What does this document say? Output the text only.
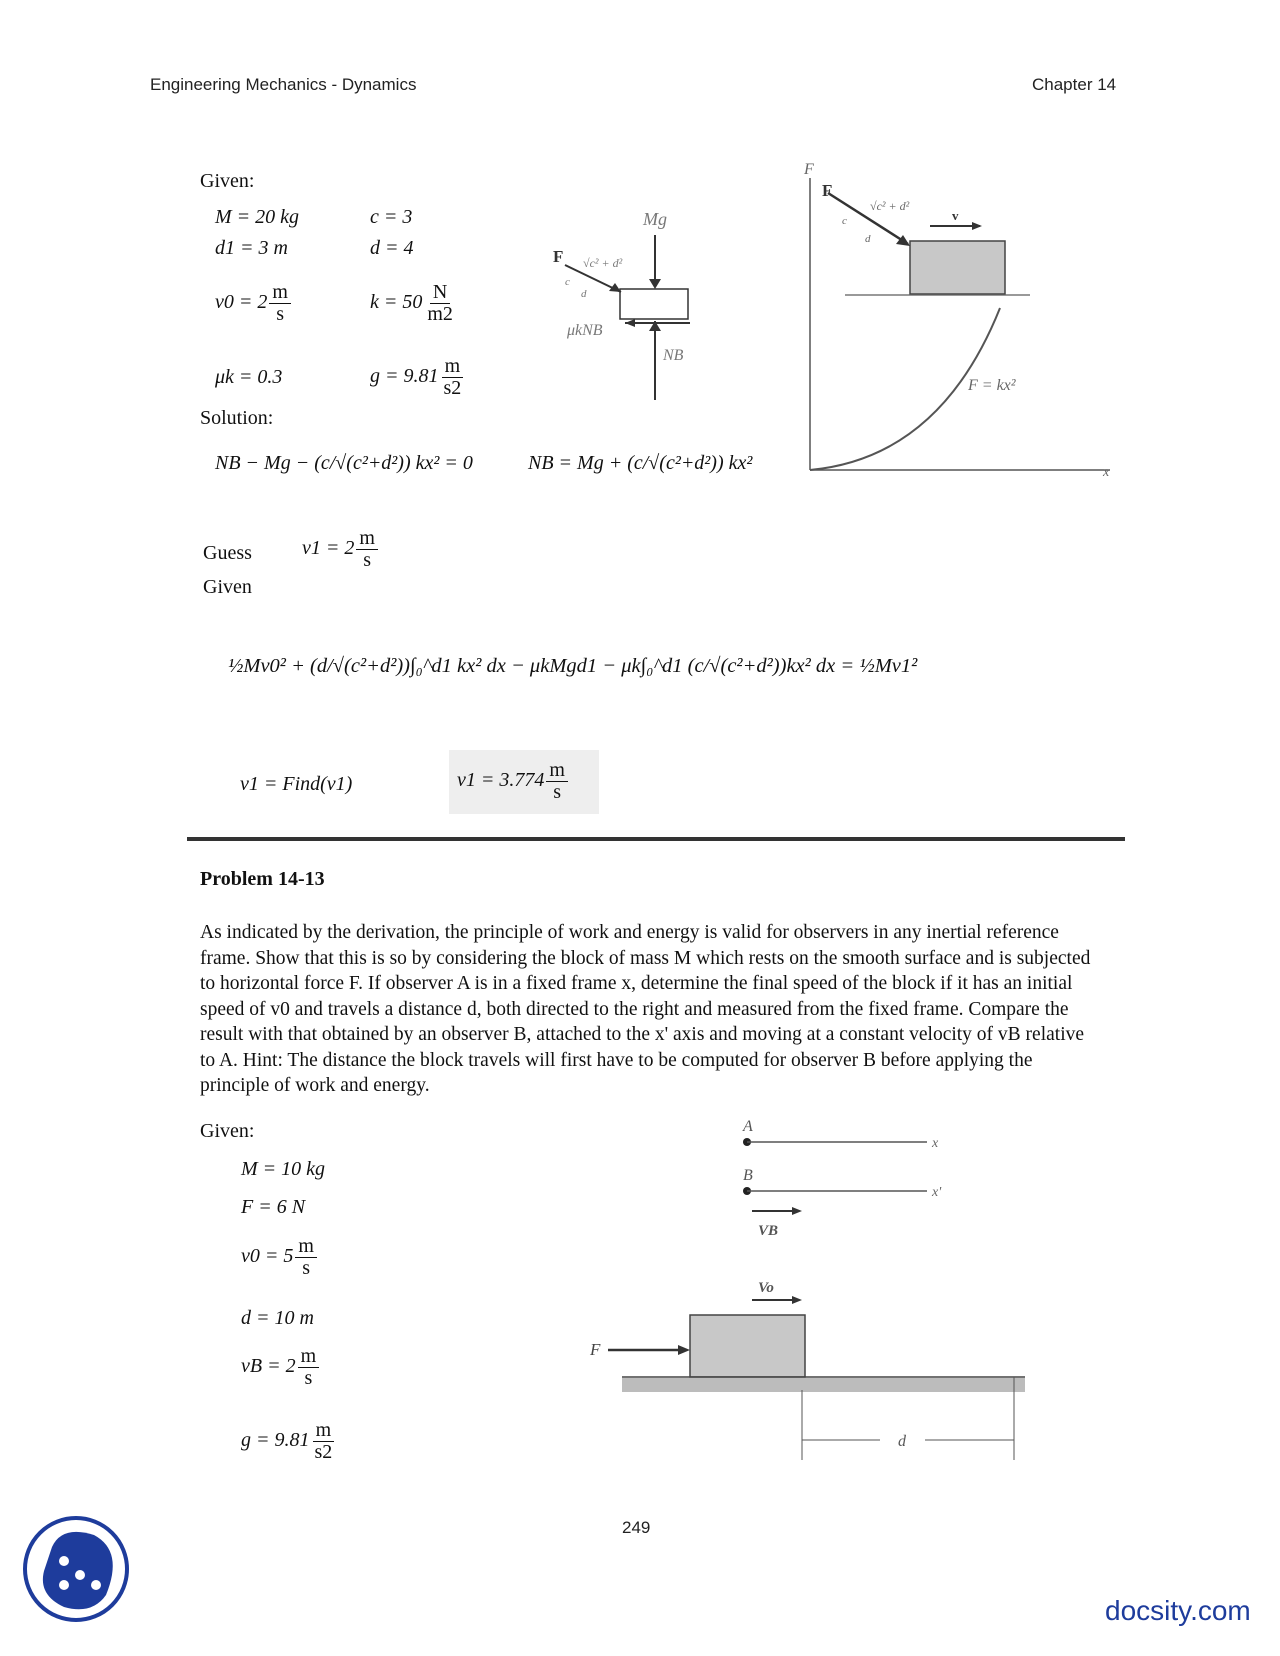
Engineering Mechanics - Dynamics	Chapter 14
Given:
M = 20 kg	c = 3
d1 = 3 m	d = 4
$v0 = 2 \frac{m}{s}$	$k = 50 \frac{N}{m2}$

μk = 0.3	$g = 9.81 \frac{m}{s2}$
Mg
F
c
d
√c² + d²
μkNB
NB
F
x
F = kx²
F
c
d
√c² + d²
v
Solution:
NB − Mg − (c/√(c²+d²)) kx² = 0	NB = Mg + (c/√(c²+d²)) kx²
Guess	$v1 = 2 \frac{m}{s}$
Given
½Mv0² + (d/√(c²+d²))∫₀^d1 kx² dx − μkMgd1 − μk∫₀^d1 (c/√(c²+d²))kx² dx = ½Mv1²
v1 = Find(v1)	$v1 = 3.774 \frac{m}{s}$
Problem 14-13
As indicated by the derivation, the principle of work and energy is valid for observers in any inertial reference frame. Show that this is so by considering the block of mass M which rests on the smooth surface and is subjected to horizontal force F. If observer A is in a fixed frame x, determine the final speed of the block if it has an initial speed of v0 and travels a distance d, both directed to the right and measured from the fixed frame. Compare the result with that obtained by an observer B, attached to the x' axis and moving at a constant velocity of vB relative to A. Hint: The distance the block travels will first have to be computed for observer B before applying the principle of work and energy.
Given:
M = 10 kg
F = 6 N
$v0 = 5 \frac{m}{s}$
d = 10 m
vB = $2 \frac{m}{s}$
$g = 9.81 \frac{m}{s2}$
A
x
B
x'
VB
Vo
F
d
249
docsity.com
